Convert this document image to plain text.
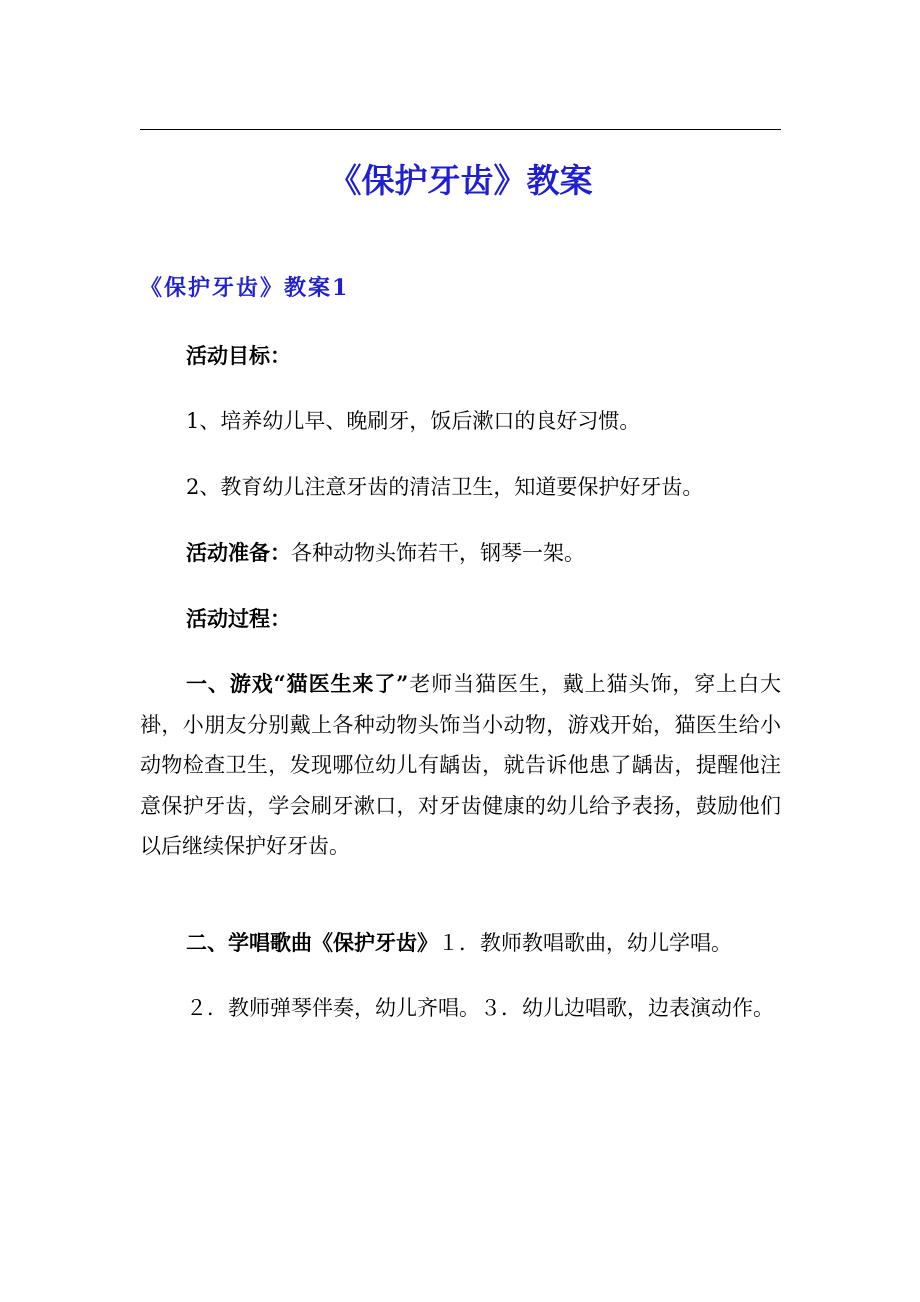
《保护牙齿》教案
《保护牙齿》教案1
活动目标：
1、培养幼儿早、晚刷牙，饭后漱口的良好习惯。
2、教育幼儿注意牙齿的清洁卫生，知道要保护好牙齿。
活动准备：各种动物头饰若干，钢琴一架。
活动过程：
一、游戏“猫医生来了”老师当猫医生，戴上猫头饰，穿上白大褂，小朋友分别戴上各种动物头饰当小动物，游戏开始，猫医生给小动物检查卫生，发现哪位幼儿有龋齿，就告诉他患了龋齿，提醒他注意保护牙齿，学会刷牙漱口，对牙齿健康的幼儿给予表扬，鼓励他们以后继续保护好牙齿。
二、学唱歌曲《保护牙齿》１．教师教唱歌曲，幼儿学唱。
２．教师弹琴伴奏，幼儿齐唱。３．幼儿边唱歌，边表演动作。
